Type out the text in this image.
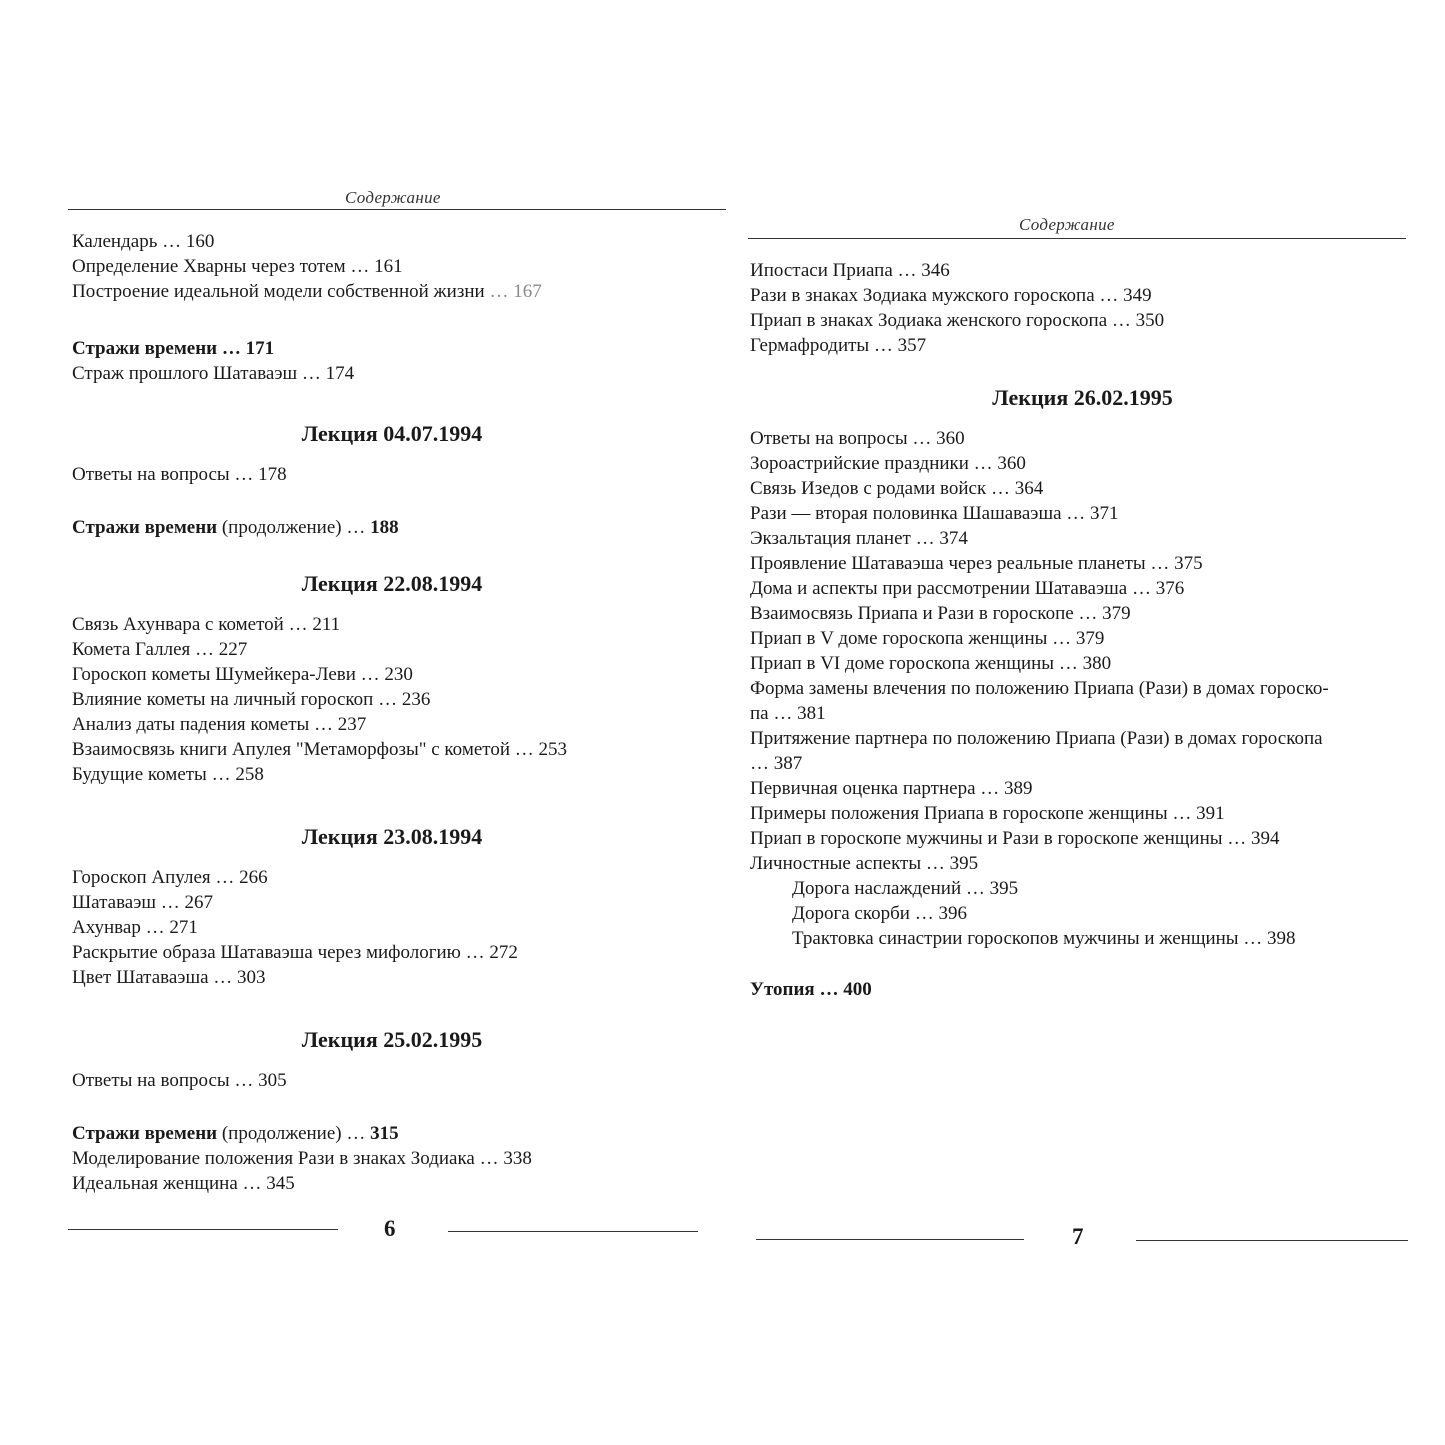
Содержание
Календарь … 160
Определение Хварны через тотем … 161
Построение идеальной модели собственной жизни … 167
Стражи времени … 171
Страж прошлого Шатаваэш … 174
Лекция 04.07.1994
Ответы на вопросы … 178
Стражи времени (продолжение) … 188
Лекция 22.08.1994
Связь Ахунвара с кометой … 211
Комета Галлея … 227
Гороскоп кометы Шумейкера-Леви … 230
Влияние кометы на личный гороскоп … 236
Анализ даты падения кометы … 237
Взаимосвязь книги Апулея "Метаморфозы" с кометой … 253
Будущие кометы … 258
Лекция 23.08.1994
Гороскоп Апулея … 266
Шатаваэш … 267
Ахунвар … 271
Раскрытие образа Шатаваэша через мифологию … 272
Цвет Шатаваэша … 303
Лекция 25.02.1995
Ответы на вопросы … 305
Стражи времени (продолжение) … 315
Моделирование положения Рази в знаках Зодиака … 338
Идеальная женщина … 345
6
Содержание
Ипостаси Приапа … 346
Рази в знаках Зодиака мужского гороскопа … 349
Приап в знаках Зодиака женского гороскопа … 350
Гермафродиты … 357
Лекция 26.02.1995
Ответы на вопросы … 360
Зороастрийские праздники … 360
Связь Изедов с родами войск … 364
Рази — вторая половинка Шашаваэша … 371
Экзальтация планет … 374
Проявление Шатаваэша через реальные планеты … 375
Дома и аспекты при рассмотрении Шатаваэша … 376
Взаимосвязь Приапа и Рази в гороскопе … 379
Приап в V доме гороскопа женщины … 379
Приап в VI доме гороскопа женщины … 380
Форма замены влечения по положению Приапа (Рази) в домах гороско-
па … 381
Притяжение партнера по положению Приапа (Рази) в домах гороскопа
… 387
Первичная оценка партнера … 389
Примеры положения Приапа в гороскопе женщины … 391
Приап в гороскопе мужчины и Рази в гороскопе женщины … 394
Личностные аспекты … 395
Дорога наслаждений … 395
Дорога скорби … 396
Трактовка синастрии гороскопов мужчины и женщины … 398
Утопия … 400
7
